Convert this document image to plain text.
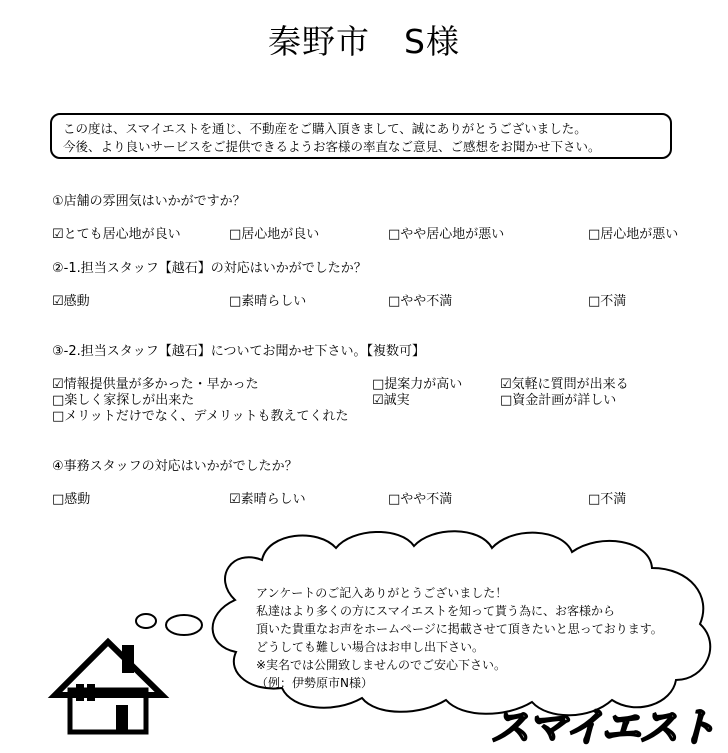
秦野市　S様
この度は、スマイエストを通じ、不動産をご購入頂きまして、誠にありがとうございました。
今後、より良いサービスをご提供できるようお客様の率直なご意見、ご感想をお聞かせ下さい。
①店舗の雰囲気はいかがですか？
☑とても居心地が良い	□居心地が良い	□やや居心地が悪い	□居心地が悪い
②-1.担当スタッフ【越石】の対応はいかがでしたか？
☑感動	□素晴らしい	□やや不満	□不満
③-2.担当スタッフ【越石】についてお聞かせ下さい。【複数可】
☑情報提供量が多かった・早かった	□提案力が高い	☑気軽に質問が出来る
□楽しく家探しが出来た	☑誠実	□資金計画が詳しい
□メリットだけでなく、デメリットも教えてくれた
④事務スタッフの対応はいかがでしたか？
□感動	☑素晴らしい	□やや不満	□不満
アンケートのご記入ありがとうございました！
私達はより多くの方にスマイエストを知って貰う為に、お客様から
頂いた貴重なお声をホームページに掲載させて頂きたいと思っております。
どうしても難しい場合はお申し出下さい。
※実名では公開致しませんのでご安心下さい。
（例：伊勢原市N様）
スマイエスト
